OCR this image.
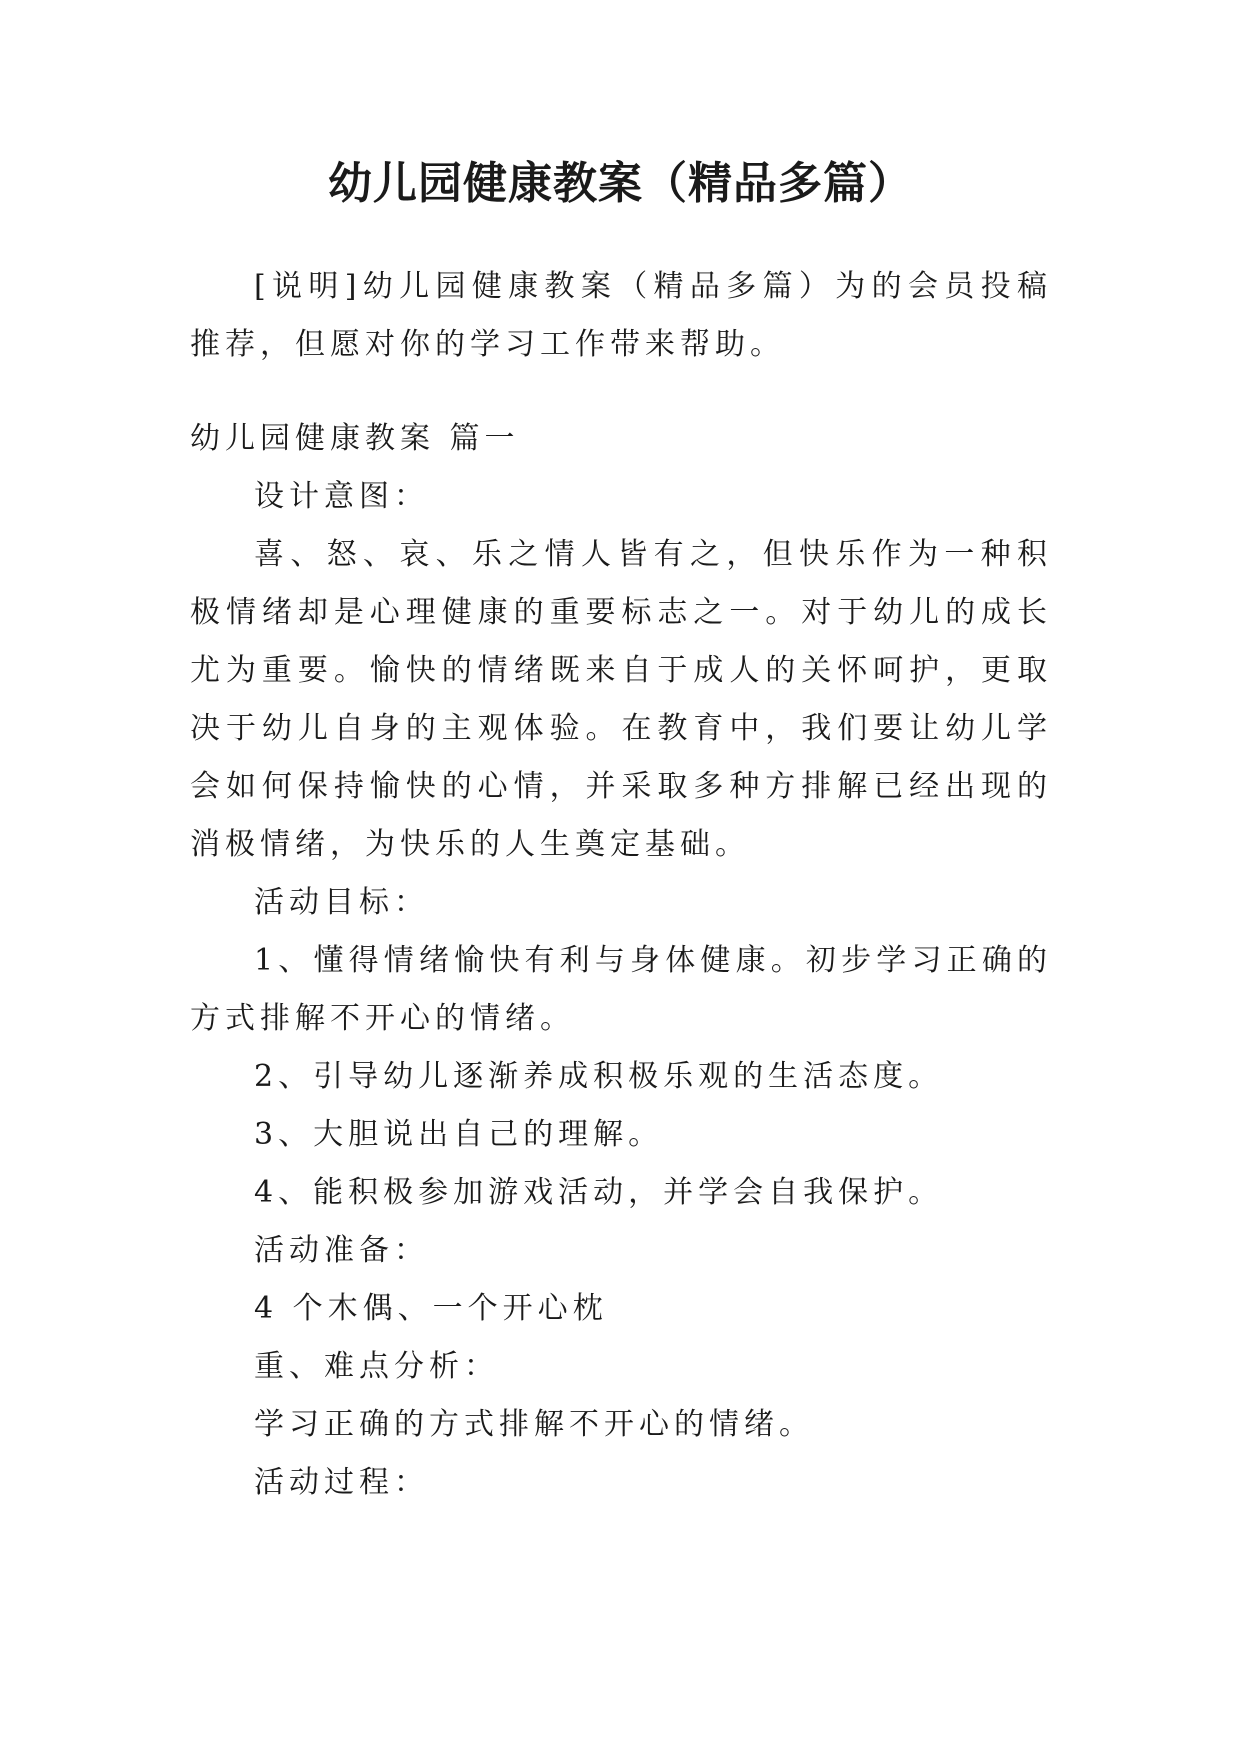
幼儿园健康教案（精品多篇）

[说明]幼儿园健康教案（精品多篇）为的会员投稿推荐，但愿对你的学习工作带来帮助。

幼儿园健康教案 篇一

设计意图：

喜、怒、哀、乐之情人皆有之，但快乐作为一种积极情绪却是心理健康的重要标志之一。对于幼儿的成长尤为重要。愉快的情绪既来自于成人的关怀呵护，更取决于幼儿自身的主观体验。在教育中，我们要让幼儿学会如何保持愉快的心情，并采取多种方排解已经出现的消极情绪，为快乐的人生奠定基础。

活动目标：

1、懂得情绪愉快有利与身体健康。初步学习正确的方式排解不开心的情绪。

2、引导幼儿逐渐养成积极乐观的生活态度。

3、大胆说出自己的理解。

4、能积极参加游戏活动，并学会自我保护。

活动准备：

4 个木偶、一个开心枕

重、难点分析：

学习正确的方式排解不开心的情绪。

活动过程：
